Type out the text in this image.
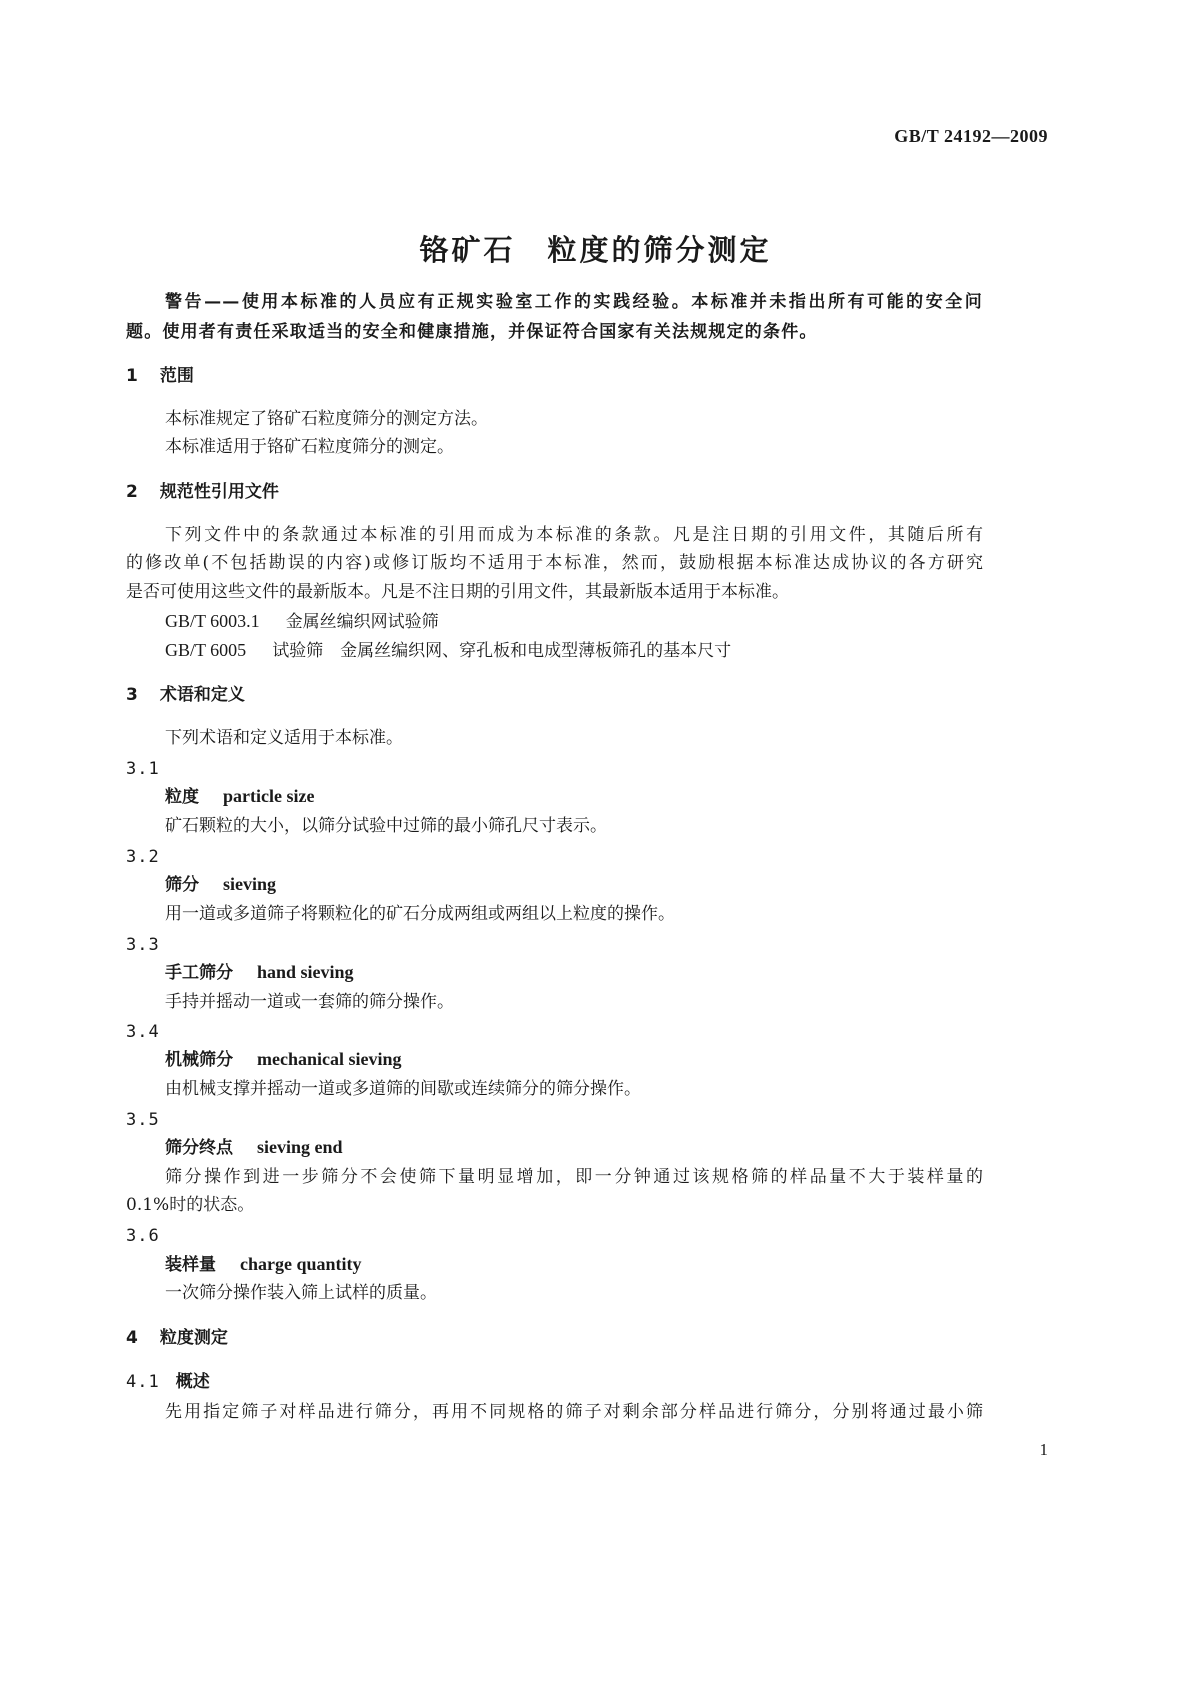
GB/T 24192—2009
铬矿石　粒度的筛分测定
警告——使用本标准的人员应有正规实验室工作的实践经验。本标准并未指出所有可能的安全问
题。使用者有责任采取适当的安全和健康措施，并保证符合国家有关法规规定的条件。
1 范围
本标准规定了铬矿石粒度筛分的测定方法。
本标准适用于铬矿石粒度筛分的测定。
2 规范性引用文件
下列文件中的条款通过本标准的引用而成为本标准的条款。凡是注日期的引用文件，其随后所有
的修改单(不包括勘误的内容)或修订版均不适用于本标准，然而，鼓励根据本标准达成协议的各方研究
是否可使用这些文件的最新版本。凡是不注日期的引用文件，其最新版本适用于本标准。
GB/T 6003.1 金属丝编织网试验筛
GB/T 6005 试验筛　金属丝编织网、穿孔板和电成型薄板筛孔的基本尺寸
3 术语和定义
下列术语和定义适用于本标准。
3.1
粒度 particle size
矿石颗粒的大小，以筛分试验中过筛的最小筛孔尺寸表示。
3.2
筛分 sieving
用一道或多道筛子将颗粒化的矿石分成两组或两组以上粒度的操作。
3.3
手工筛分 hand sieving
手持并摇动一道或一套筛的筛分操作。
3.4
机械筛分 mechanical sieving
由机械支撑并摇动一道或多道筛的间歇或连续筛分的筛分操作。
3.5
筛分终点 sieving end
筛分操作到进一步筛分不会使筛下量明显增加，即一分钟通过该规格筛的样品量不大于装样量的
0.1%时的状态。
3.6
装样量 charge quantity
一次筛分操作装入筛上试样的质量。
4 粒度测定
4.1 概述
先用指定筛子对样品进行筛分，再用不同规格的筛子对剩余部分样品进行筛分，分别将通过最小筛
1
